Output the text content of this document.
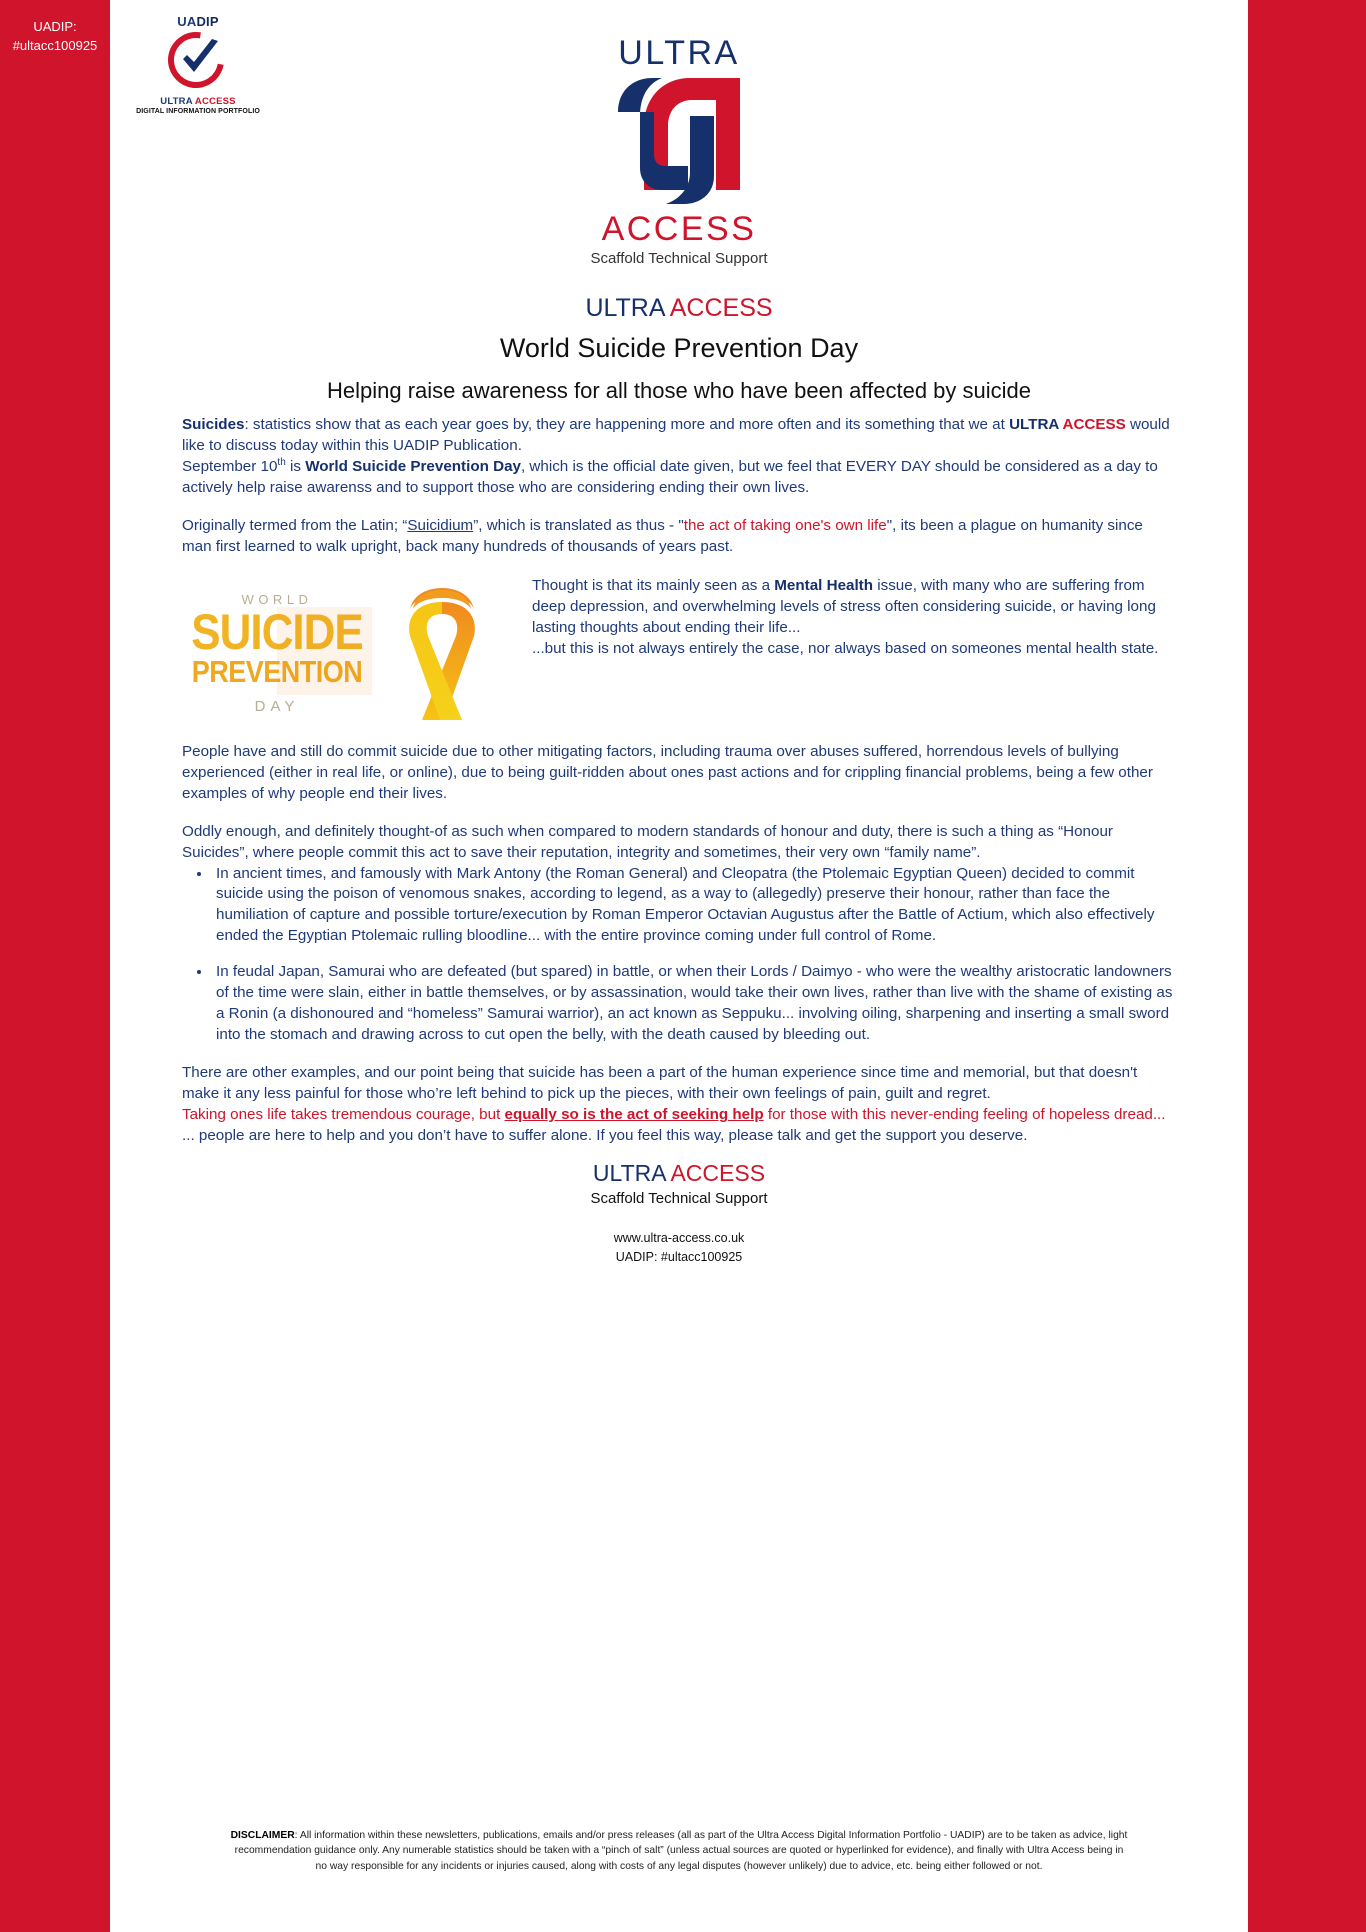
UADIP:
#ultacc100925
UADIP
ULTRA ACCESS
DIGITAL INFORMATION PORTFOLIO
ULTRA
ACCESS
Scaffold Technical Support
ULTRA ACCESS
World Suicide Prevention Day
Helping raise awareness for all those who have been affected by suicide

Suicides: statistics show that as each year goes by, they are happening more and more often and its something that we at ULTRA ACCESS would like to discuss today within this UADIP Publication.

September 10th is World Suicide Prevention Day, which is the official date given, but we feel that EVERY DAY should be considered as a day to actively help raise awarenss and to support those who are considering ending their own lives.

Originally termed from the Latin; “Suicidium”, which is translated as thus - "the act of taking one's own life", its been a plague on humanity since man first learned to walk upright, back many hundreds of thousands of years past.

WORLD
SUICIDE
PREVENTION
DAY

Thought is that its mainly seen as a Mental Health issue, with many who are suffering from deep depression, and overwhelming levels of stress often considering suicide, or having long lasting thoughts about ending their life...

...but this is not always entirely the case, nor always based on someones mental health state.

People have and still do commit suicide due to other mitigating factors, including trauma over abuses suffered, horrendous levels of bullying experienced (either in real life, or online), due to being guilt-ridden about ones past actions and for crippling financial problems, being a few other examples of why people end their lives.

Oddly enough, and definitely thought-of as such when compared to modern standards of honour and duty, there is such a thing as “Honour Suicides”, where people commit this act to save their reputation, integrity and sometimes, their very own “family name”.

• In ancient times, and famously with Mark Antony (the Roman General) and Cleopatra (the Ptolemaic Egyptian Queen) decided to commit suicide using the poison of venomous snakes, according to legend, as a way to (allegedly) preserve their honour, rather than face the humiliation of capture and possible torture/execution by Roman Emperor Octavian Augustus after the Battle of Actium, which also effectively ended the Egyptian Ptolemaic rulling bloodline... with the entire province coming under full control of Rome.
• In feudal Japan, Samurai who are defeated (but spared) in battle, or when their Lords / Daimyo - who were the wealthy aristocratic landowners of the time were slain, either in battle themselves, or by assassination, would take their own lives, rather than live with the shame of existing as a Ronin (a dishonoured and “homeless” Samurai warrior), an act known as Seppuku... involving oiling, sharpening and inserting a small sword into the stomach and drawing across to cut open the belly, with the death caused by bleeding out.

There are other examples, and our point being that suicide has been a part of the human experience since time and memorial, but that doesn't make it any less painful for those who’re left behind to pick up the pieces, with their own feelings of pain, guilt and regret.

Taking ones life takes tremendous courage, but equally so is the act of seeking help for those with this never-ending feeling of hopeless dread...

... people are here to help and you don’t have to suffer alone. If you feel this way, please talk and get the support you deserve.

ULTRA ACCESS
Scaffold Technical Support
www.ultra-access.co.uk
UADIP: #ultacc100925
DISCLAIMER: All information within these newsletters, publications, emails and/or press releases (all as part of the Ultra Access Digital Information Portfolio - UADIP) are to be taken as advice, light recommendation guidance only. Any numerable statistics should be taken with a “pinch of salt” (unless actual sources are quoted or hyperlinked for evidence), and finally with Ultra Access being in no way responsible for any incidents or injuries caused, along with costs of any legal disputes (however unlikely) due to advice, etc. being either followed or not.
